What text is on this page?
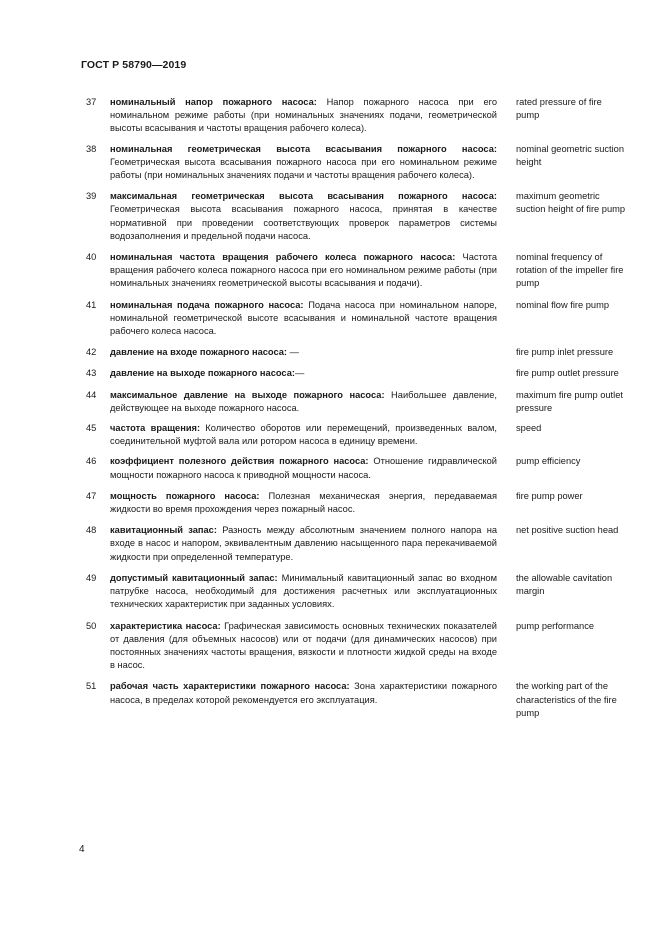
ГОСТ Р 58790—2019
37 номинальный напор пожарного насоса: Напор пожарного насоса при его номинальном режиме работы (при номинальных значениях подачи, геометрической высоты всасывания и частоты вращения рабочего колеса).
rated pressure of fire pump
38 номинальная геометрическая высота всасывания пожарного насоса: Геометрическая высота всасывания пожарного насоса при его номинальном режиме работы (при номинальных значениях подачи и частоты вращения рабочего колеса).
nominal geometric suction height
39 максимальная геометрическая высота всасывания пожарного насоса: Геометрическая высота всасывания пожарного насоса, принятая в качестве нормативной при проведении соответствующих проверок параметров системы водозаполнения и предельной подачи насоса.
maximum geometric suction height of fire pump
40 номинальная частота вращения рабочего колеса пожарного насоса: Частота вращения рабочего колеса пожарного насоса при его номинальном режиме работы (при номинальных значениях геометрической высоты всасывания и подачи).
nominal frequency of rotation of the impeller fire pump
41 номинальная подача пожарного насоса: Подача насоса при номинальном напоре, номинальной геометрической высоте всасывания и номинальной частоте вращения рабочего колеса насоса.
nominal flow fire pump
42 давление на входе пожарного насоса: —	fire pump inlet pressure
43 давление на выходе пожарного насоса:—	fire pump outlet pressure
44 максимальное давление на выходе пожарного насоса: Наибольшее давление, действующее на выходе пожарного насоса.
maximum fire pump outlet pressure
45 частота вращения: Количество оборотов или перемещений, произведенных валом, соединительной муфтой вала или ротором насоса в единицу времени.
speed
46 коэффициент полезного действия пожарного насоса: Отношение гидравлической мощности пожарного насоса к приводной мощности насоса.
pump efficiency
47 мощность пожарного насоса: Полезная механическая энергия, передаваемая жидкости во время прохождения через пожарный насос.
fire pump power
48 кавитационный запас: Разность между абсолютным значением полного напора на входе в насос и напором, эквивалентным давлению насыщенного пара перекачиваемой жидкости при определенной температуре.
net positive suction head
49 допустимый кавитационный запас: Минимальный кавитационный запас во входном патрубке насоса, необходимый для достижения расчетных или эксплуатационных технических характеристик при заданных условиях.
the allowable cavitation margin
50 характеристика насоса: Графическая зависимость основных технических показателей от давления (для объемных насосов) или от подачи (для динамических насосов) при постоянных значениях частоты вращения, вязкости и плотности жидкой среды на входе в насос.
pump performance
51 рабочая часть характеристики пожарного насоса: Зона характеристики пожарного насоса, в пределах которой рекомендуется его эксплуатация.
the working part of the characteristics of the fire pump
4
